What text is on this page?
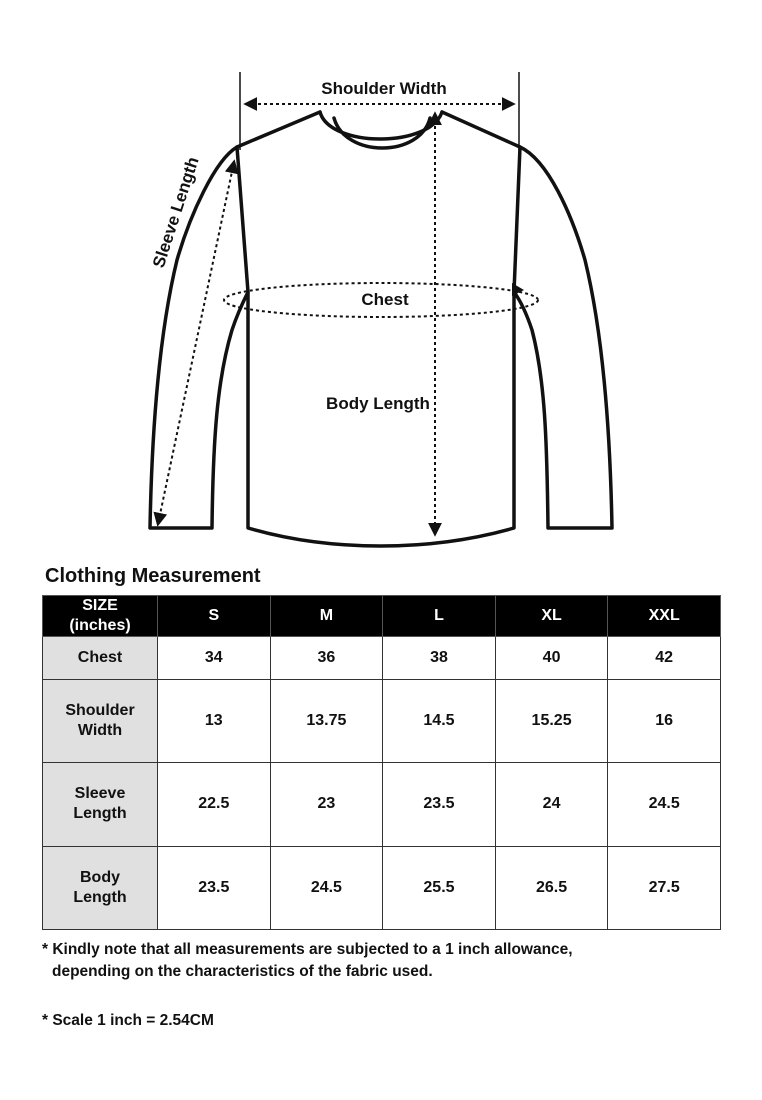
Shoulder Width
Sleeve Length
Chest
Body Length
Clothing Measurement
SIZE
(inches)	S	M	L	XL	XXL

Chest	34	36	38	40	42

Shoulder
Width	13	13.75	14.5	15.25	16

Sleeve
Length	22.5	23	23.5	24	24.5

Body
Length	23.5	24.5	25.5	26.5	27.5
* Kindly note that all measurements are subjected to a 1 inch allowance,
depending on the characteristics of the fabric used.
* Scale 1 inch = 2.54CM
